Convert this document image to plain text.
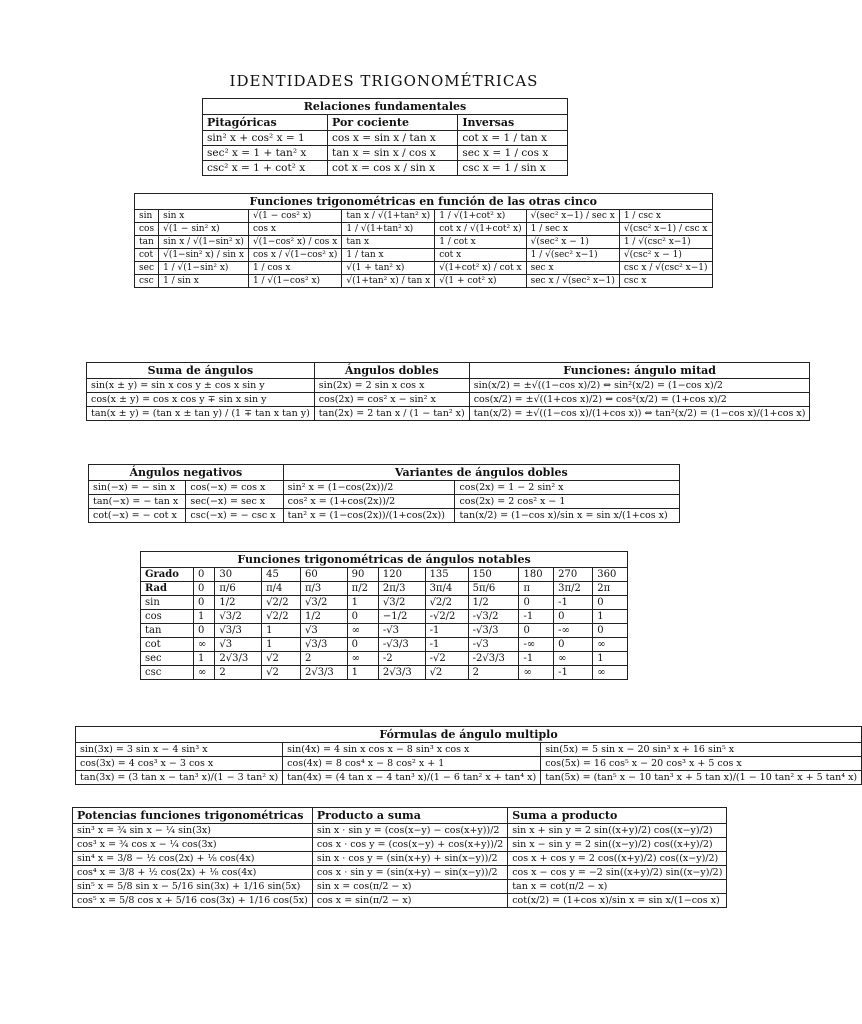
IDENTIDADES TRIGONOMÉTRICAS
Relaciones fundamentales		
Pitagóricas	Por cociente	Inversas
sin² x + cos² x = 1	cos x = sin x / tan x	cot x = 1 / tan x
sec² x = 1 + tan² x	tan x = sin x / cos x	sec x = 1 / cos x
csc² x = 1 + cot² x	cot x = cos x / sin x	csc x = 1 / sin x
Funciones trigonométricas en función de las otras cinco						
sin	sin x	√(1 − cos² x)	tan x / √(1+tan² x)	1 / √(1+cot² x)	√(sec² x−1) / sec x	1 / csc x
cos	√(1 − sin² x)	cos x	1 / √(1+tan² x)	cot x / √(1+cot² x)	1 / sec x	√(csc² x−1) / csc x
tan	sin x / √(1−sin² x)	√(1−cos² x) / cos x	tan x	1 / cot x	√(sec² x − 1)	1 / √(csc² x−1)
cot	√(1−sin² x) / sin x	cos x / √(1−cos² x)	1 / tan x	cot x	1 / √(sec² x−1)	√(csc² x − 1)
sec	1 / √(1−sin² x)	1 / cos x	√(1 + tan² x)	√(1+cot² x) / cot x	sec x	csc x / √(csc² x−1)
csc	1 / sin x	1 / √(1−cos² x)	√(1+tan² x) / tan x	√(1 + cot² x)	sec x / √(sec² x−1)	csc x
Suma de ángulos	Ángulos dobles	Funciones: ángulo mitad
sin(x ± y) = sin x cos y ± cos x sin y	sin(2x) = 2 sin x cos x	sin(x/2) = ±√((1−cos x)/2) ⇔ sin²(x/2) = (1−cos x)/2
cos(x ± y) = cos x cos y ∓ sin x sin y	cos(2x) = cos² x − sin² x	cos(x/2) = ±√((1+cos x)/2) ⇔ cos²(x/2) = (1+cos x)/2
tan(x ± y) = (tan x ± tan y) / (1 ∓ tan x tan y)	tan(2x) = 2 tan x / (1 − tan² x)	tan(x/2) = ±√((1−cos x)/(1+cos x)) ⇔ tan²(x/2) = (1−cos x)/(1+cos x)
Ángulos negativos		Variantes de ángulos dobles	
sin(−x) = − sin x	cos(−x) = cos x	sin² x = (1−cos(2x))/2	cos(2x) = 1 − 2 sin² x
tan(−x) = − tan x	sec(−x) = sec x	cos² x = (1+cos(2x))/2	cos(2x) = 2 cos² x − 1
cot(−x) = − cot x	csc(−x) = − csc x	tan² x = (1−cos(2x))/(1+cos(2x))	tan(x/2) = (1−cos x)/sin x = sin x/(1+cos x)
Funciones trigonométricas de ángulos notables											
Grado	0	30	45	60	90	120	135	150	180	270	360
Rad	0	π/6	π/4	π/3	π/2	2π/3	3π/4	5π/6	π	3π/2	2π
sin	0	1/2	√2/2	√3/2	1	√3/2	√2/2	1/2	0	-1	0
cos	1	√3/2	√2/2	1/2	0	−1/2	-√2/2	-√3/2	-1	0	1
tan	0	√3/3	1	√3	∞	-√3	-1	-√3/3	0	-∞	0
cot	∞	√3	1	√3/3	0	-√3/3	-1	-√3	-∞	0	∞
sec	1	2√3/3	√2	2	∞	-2	-√2	-2√3/3	-1	∞	1
csc	∞	2	√2	2√3/3	1	2√3/3	√2	2	∞	-1	∞
Fórmulas de ángulo multiplo		
sin(3x) = 3 sin x − 4 sin³ x	sin(4x) = 4 sin x cos x − 8 sin³ x cos x	sin(5x) = 5 sin x − 20 sin³ x + 16 sin⁵ x
cos(3x) = 4 cos³ x − 3 cos x	cos(4x) = 8 cos⁴ x − 8 cos² x + 1	cos(5x) = 16 cos⁵ x − 20 cos³ x + 5 cos x
tan(3x) = (3 tan x − tan³ x)/(1 − 3 tan² x)	tan(4x) = (4 tan x − 4 tan³ x)/(1 − 6 tan² x + tan⁴ x)	tan(5x) = (tan⁵ x − 10 tan³ x + 5 tan x)/(1 − 10 tan² x + 5 tan⁴ x)
Potencias funciones trigonométricas	Producto a suma	Suma a producto
sin³ x = ¾ sin x − ¼ sin(3x)	sin x · sin y = (cos(x−y) − cos(x+y))/2	sin x + sin y = 2 sin((x+y)/2) cos((x−y)/2)
cos³ x = ¾ cos x − ¼ cos(3x)	cos x · cos y = (cos(x−y) + cos(x+y))/2	sin x − sin y = 2 sin((x−y)/2) cos((x+y)/2)
sin⁴ x = 3/8 − ½ cos(2x) + ⅛ cos(4x)	sin x · cos y = (sin(x+y) + sin(x−y))/2	cos x + cos y = 2 cos((x+y)/2) cos((x−y)/2)
cos⁴ x = 3/8 + ½ cos(2x) + ⅛ cos(4x)	cos x · sin y = (sin(x+y) − sin(x−y))/2	cos x − cos y = −2 sin((x+y)/2) sin((x−y)/2)
sin⁵ x = 5/8 sin x − 5/16 sin(3x) + 1/16 sin(5x)	sin x = cos(π/2 − x)	tan x = cot(π/2 − x)
cos⁵ x = 5/8 cos x + 5/16 cos(3x) + 1/16 cos(5x)	cos x = sin(π/2 − x)	cot(x/2) = (1+cos x)/sin x = sin x/(1−cos x)
